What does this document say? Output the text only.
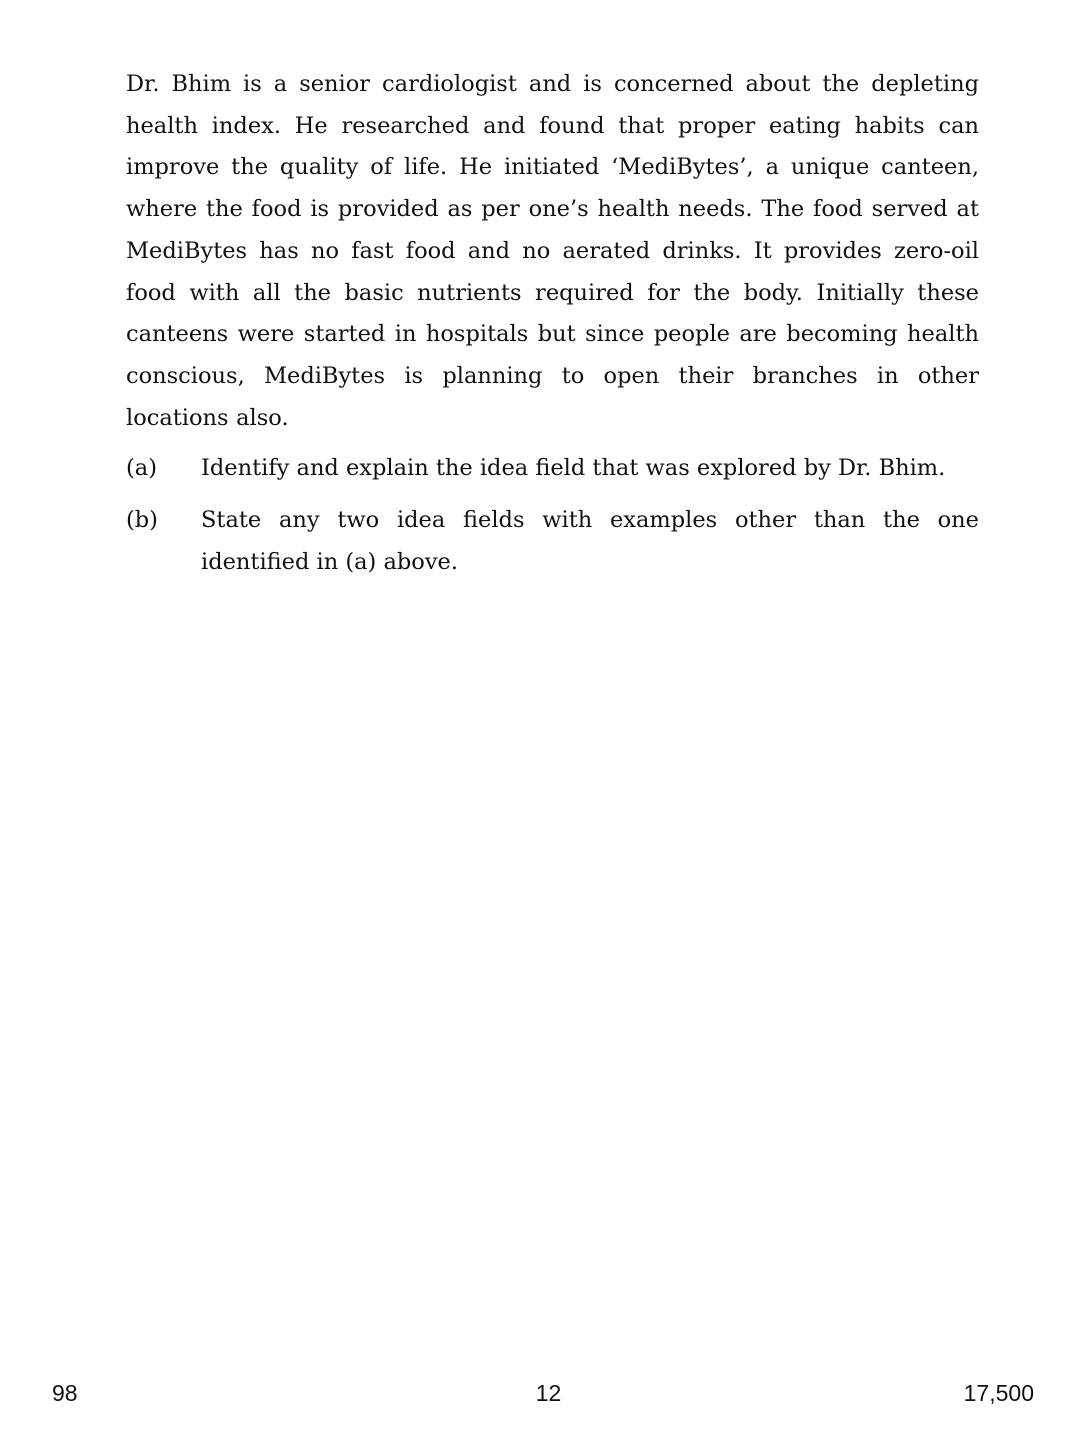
Dr. Bhim is a senior cardiologist and is concerned about the depleting health index. He researched and found that proper eating habits can improve the quality of life. He initiated ‘MediBytes’, a unique canteen, where the food is provided as per one’s health needs. The food served at MediBytes has no fast food and no aerated drinks. It provides zero-oil food with all the basic nutrients required for the body. Initially these canteens were started in hospitals but since people are becoming health conscious, MediBytes is planning to open their branches in other locations also.

(a) Identify and explain the idea field that was explored by Dr. Bhim.
(b) State any two idea fields with examples other than the one identified in (a) above.
98	12	17,500
